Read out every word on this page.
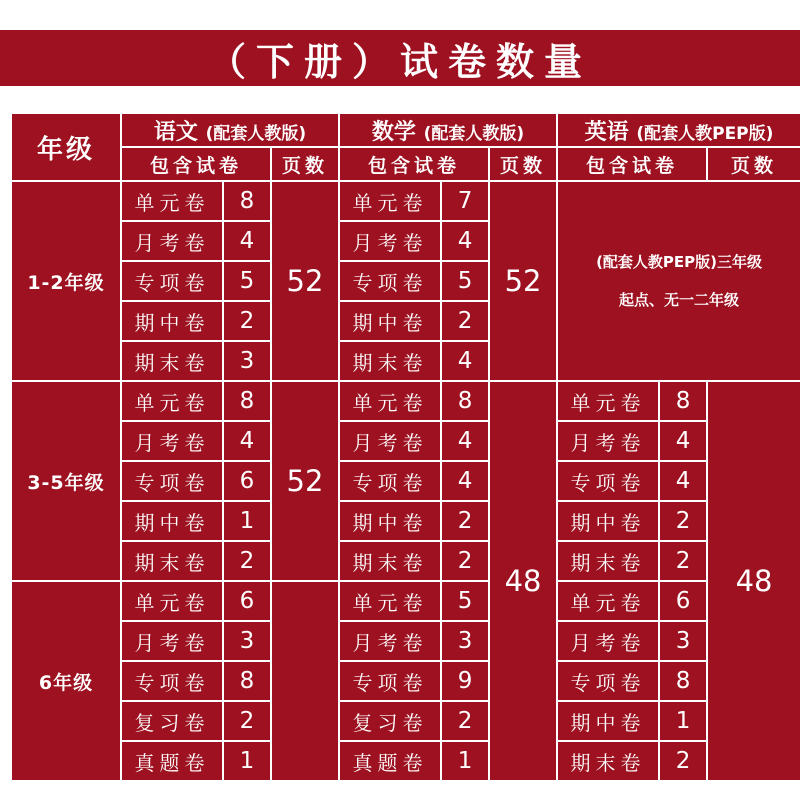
（下册）试卷数量
年级	语文 (配套人教版)			数学 (配套人教版)			英语 (配套人教PEP版)		
	包含试卷		页数	包含试卷		页数	包含试卷		页数
1-2年级	单元卷	8	52	单元卷	7	52	(配套人教PEP版)三年级
起点、无一二年级		

	月考卷	4		月考卷	4				
	专项卷	5		专项卷	5				
	期中卷	2		期中卷	2				
	期末卷	3		期末卷	4				
3-5年级	单元卷	8	52	单元卷	8	48	单元卷	8	48
	月考卷	4		月考卷	4		月考卷	4	
	专项卷	6		专项卷	4		专项卷	4	
	期中卷	1		期中卷	2		期中卷	2	
	期末卷	2		期末卷	2		期末卷	2	
6年级	单元卷	6		单元卷	5		单元卷	6	
	月考卷	3		月考卷	3		月考卷	3	
	专项卷	8		专项卷	9		专项卷	8	
	复习卷	2		复习卷	2		期中卷	1	
	真题卷	1		真题卷	1		期末卷	2	
